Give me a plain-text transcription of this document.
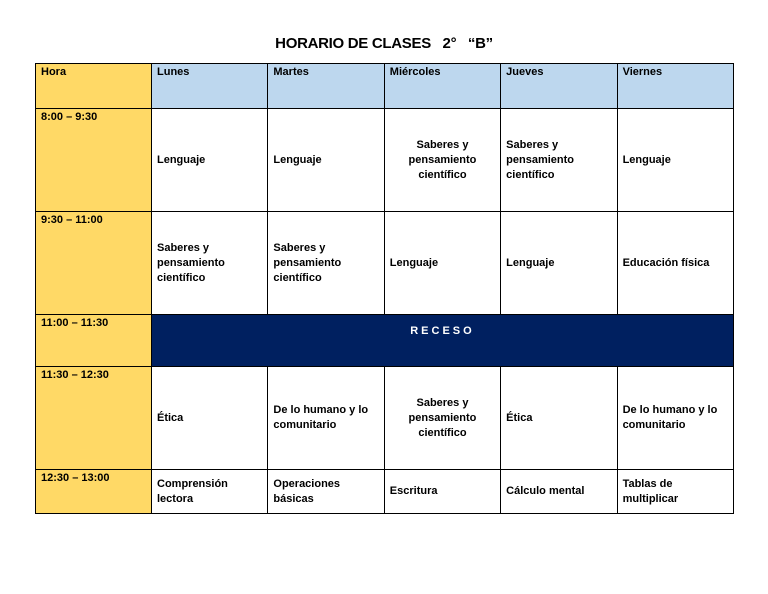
HORARIO DE CLASES   2°   “B”
Hora	Lunes	Martes	Miércoles	Jueves	Viernes
8:00 – 9:30	Lenguaje	Lenguaje	Saberes y pensamiento científico	Saberes y pensamiento científico	Lenguaje
9:30 – 11:00	Saberes y pensamiento científico	Saberes y pensamiento científico	Lenguaje	Lenguaje	Educación física
11:00 – 11:30	RECESO				
11:30 – 12:30	Ética	De lo humano y lo comunitario	Saberes y pensamiento científico	Ética	De lo humano y lo comunitario
12:30 – 13:00	Comprensión lectora	Operaciones básicas	Escritura	Cálculo mental	Tablas de multiplicar
